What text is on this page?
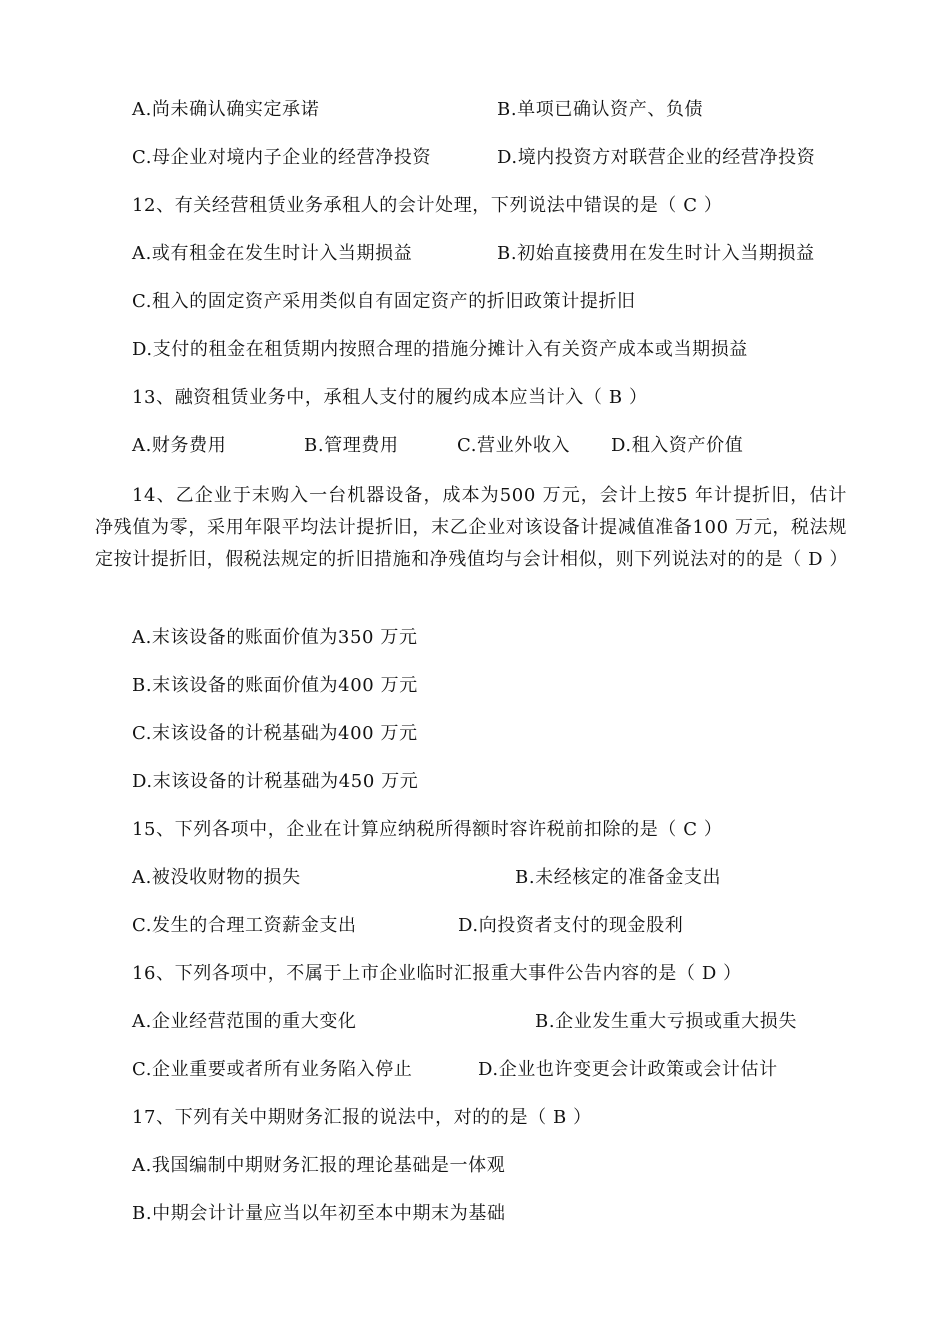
A.尚未确认确实定承诺	B.单项已确认资产、负债
C.母企业对境内子企业的经营净投资	D.境内投资方对联营企业的经营净投资
12、有关经营租赁业务承租人的会计处理，下列说法中错误的是（ C ）
A.或有租金在发生时计入当期损益	B.初始直接费用在发生时计入当期损益
C.租入的固定资产采用类似自有固定资产的折旧政策计提折旧
D.支付的租金在租赁期内按照合理的措施分摊计入有关资产成本或当期损益
13、融资租赁业务中，承租人支付的履约成本应当计入（ B ）
A.财务费用	B.管理费用	C.营业外收入 D.租入资产价值
14、乙企业于末购入一台机器设备，成本为500 万元，会计上按5 年计提折旧，估计净残值为零，采用年限平均法计提折旧，末乙企业对该设备计提减值准备100 万元，税法规定按计提折旧，假税法规定的折旧措施和净残值均与会计相似，则下列说法对的的是（ D ）
A.末该设备的账面价值为350 万元
B.末该设备的账面价值为400 万元
C.末该设备的计税基础为400 万元
D.末该设备的计税基础为450 万元
15、下列各项中，企业在计算应纳税所得额时容许税前扣除的是（ C ）
A.被没收财物的损失	B.未经核定的准备金支出
C.发生的合理工资薪金支出	D.向投资者支付的现金股利
16、下列各项中，不属于上市企业临时汇报重大事件公告内容的是（ D ）
A.企业经营范围的重大变化	B.企业发生重大亏损或重大损失
C.企业重要或者所有业务陷入停止	D.企业也许变更会计政策或会计估计
17、下列有关中期财务汇报的说法中，对的的是（ B ）
A.我国编制中期财务汇报的理论基础是一体观
B.中期会计计量应当以年初至本中期末为基础
